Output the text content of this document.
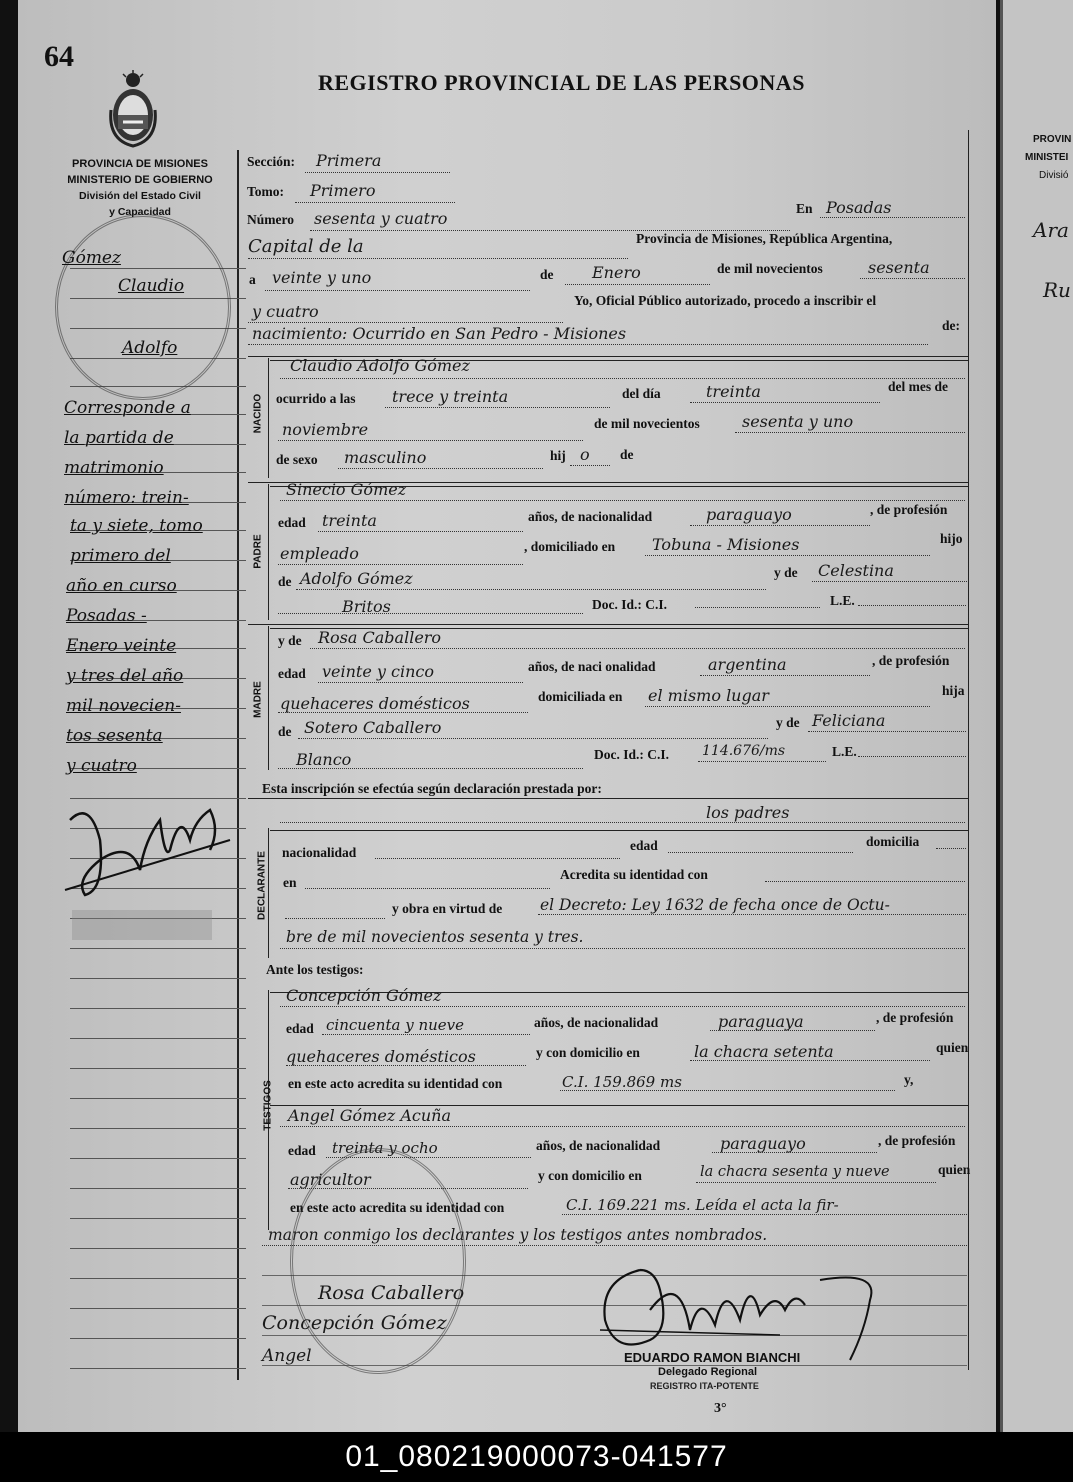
PROVIN
MINISTEI
Divisió
Ara
Ru
64
REGISTRO PROVINCIAL DE LAS PERSONAS
PROVINCIA DE MISIONES
MINISTERIO DE GOBIERNO
División del Estado Civil
y Capacidad
Gómez
Claudio
Adolfo
Corresponde a
la partida de
matrimonio
número: trein-
ta y siete, tomo
primero del
año en curso
Posadas -
Enero veinte
y tres del año
mil novecien-
tos sesenta
y cuatro
Sección: Primera
Tomo: Primero
Número sesenta y cuatro
En Posadas
Capital de la	Provincia de Misiones, República Argentina,
a veinte y uno	de Enero	de mil novecientos	sesenta
y cuatro
Yo, Oficial Público autorizado, procedo a inscribir el
nacimiento: Ocurrido en San Pedro - Misiones	de:
NACIDO
Claudio Adolfo Gómez
ocurrido a las trece y treinta	del día	treinta	del mes de
noviembre	de mil novecientos	sesenta y uno
de sexo masculino	hij o de
PADRE
Sinecio Gómez
edad treinta	años, de nacionalidad	paraguayo	, de profesión
empleado	, domiciliado en Tobuna - Misiones	hijo
de Adolfo Gómez	y de Celestina
Britos	Doc. Id.: C.I.	L.E.
MADRE
y de Rosa Caballero
edad veinte y cinco	años, de naci onalidad	argentina	, de profesión
quehaceres domésticos	domiciliada en el mismo lugar	hija
de Sotero Caballero	y de Feliciana
Blanco	Doc. Id.: C.I. 114.676/ms	L.E.
Esta inscripción se efectúa según declaración prestada por:
los padres
DECLARANTE nacionalidad	edad	domicilia
en
Acredita su identidad con
y obra en virtud de el Decreto: Ley 1632 de fecha once de Octu-
bre de mil novecientos sesenta y tres.
Ante los testigos:
TESTIGOS
Concepción Gómez
edad cincuenta y nueve	años, de nacionalidad	paraguaya	, de profesión
quehaceres domésticos	y con domicilio en	la chacra setenta	quien
en este acto acredita su identidad con	C.I. 159.869 ms	y,
Angel Gómez Acuña
edad treinta y ocho	años, de nacionalidad	paraguayo	, de profesión
agricultor	y con domicilio en	la chacra sesenta y nueve	quien
en este acto acredita su identidad con	C.I. 169.221 ms. Leída el acta la fir-
maron conmigo los declarantes y los testigos antes nombrados.
Rosa Caballero
Concepción Gómez
Angel	EDUARDO RAMON BIANCHI
Delegado Regional
REGISTRO ITA-POTENTE
3°
01_080219000073-041577
